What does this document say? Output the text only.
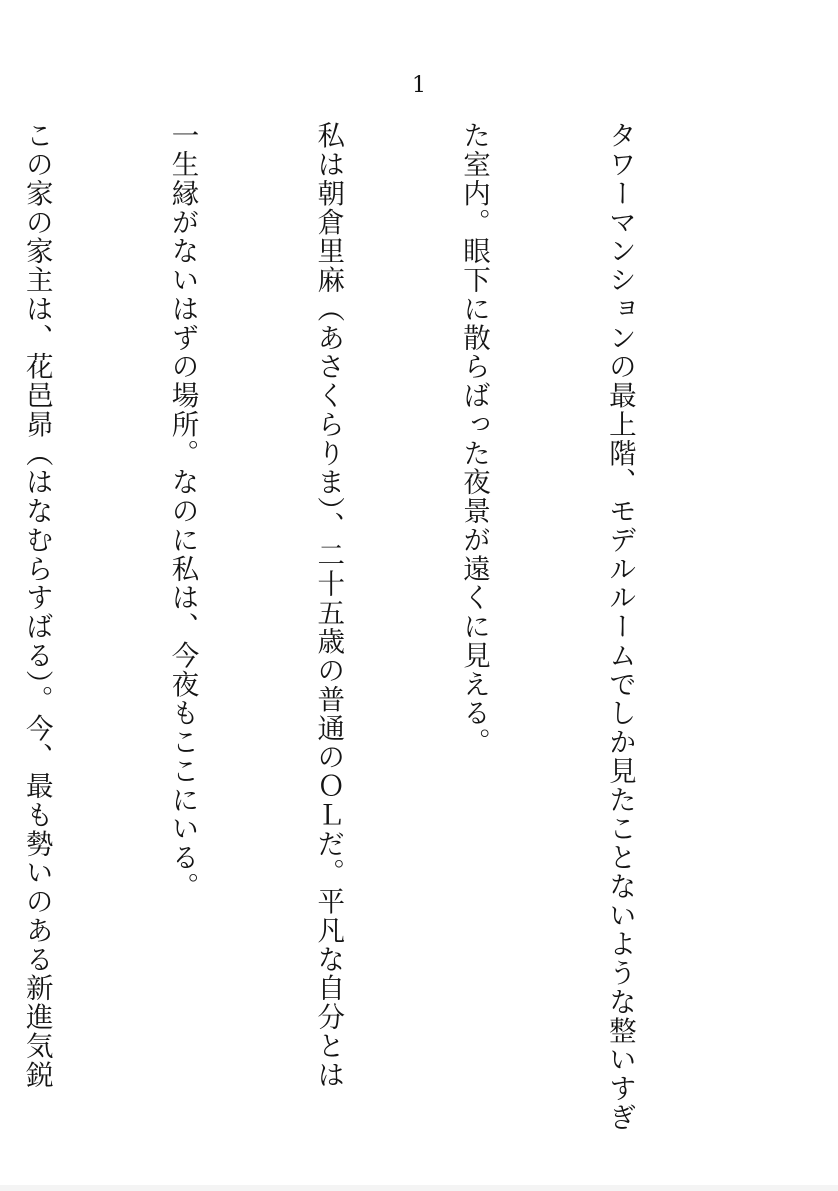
1

タワーマンションの最上階、モデルルームでしか見たことないような整いすぎ

た室内。眼下に散らばった夜景が遠くに見える。

私は朝倉里麻（あさくらりま）、二十五歳の普通のＯＬだ。平凡な自分とは

一生縁がないはずの場所。なのに私は、今夜もここにいる。

この家の家主は、花邑昴（はなむらすばる）。今、最も勢いのある新進気鋭
